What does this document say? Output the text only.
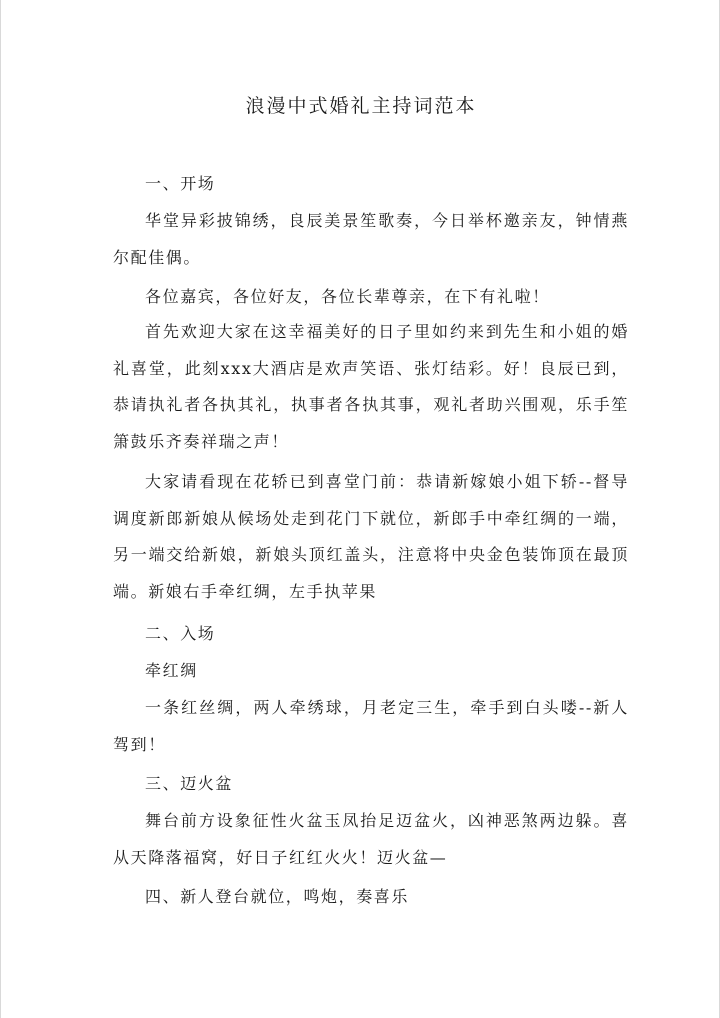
浪漫中式婚礼主持词范本

一、开场

华堂异彩披锦绣，良辰美景笙歌奏，今日举杯邀亲友，钟情燕尔配佳偶。

各位嘉宾，各位好友，各位长辈尊亲，在下有礼啦！

首先欢迎大家在这幸福美好的日子里如约来到先生和小姐的婚礼喜堂，此刻xxx大酒店是欢声笑语、张灯结彩。好！良辰已到，恭请执礼者各执其礼，执事者各执其事，观礼者助兴围观，乐手笙箫鼓乐齐奏祥瑞之声！

大家请看现在花轿已到喜堂门前：恭请新嫁娘小姐下轿--督导调度新郎新娘从候场处走到花门下就位，新郎手中牵红绸的一端，另一端交给新娘，新娘头顶红盖头，注意将中央金色装饰顶在最顶端。新娘右手牵红绸，左手执苹果

二、入场

牵红绸

一条红丝绸，两人牵绣球，月老定三生，牵手到白头喽--新人驾到！

三、迈火盆

舞台前方设象征性火盆玉凤抬足迈盆火，凶神恶煞两边躲。喜从天降落福窝，好日子红红火火！迈火盆—

四、新人登台就位，鸣炮，奏喜乐
